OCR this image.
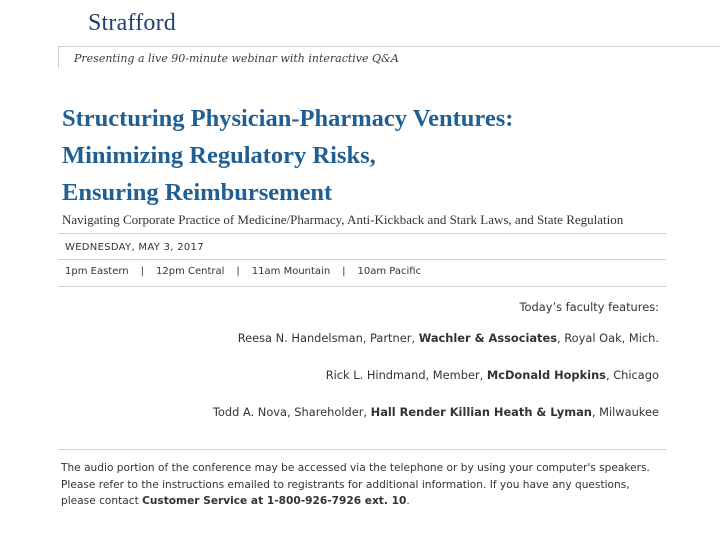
Strafford
Presenting a live 90-minute webinar with interactive Q&A
Structuring Physician-Pharmacy Ventures:
Minimizing Regulatory Risks,
Ensuring Reimbursement
Navigating Corporate Practice of Medicine/Pharmacy, Anti-Kickback and Stark Laws, and State Regulation
WEDNESDAY, MAY 3, 2017
1pm Eastern	|	12pm Central	|	11am Mountain	|	10am Pacific
Today’s faculty features:
Reesa N. Handelsman, Partner, Wachler & Associates, Royal Oak, Mich.
Rick L. Hindmand, Member, McDonald Hopkins, Chicago
Todd A. Nova, Shareholder, Hall Render Killian Heath & Lyman, Milwaukee
The audio portion of the conference may be accessed via the telephone or by using your computer's speakers. Please refer to the instructions emailed to registrants for additional information. If you have any questions, please contact Customer Service at 1-800-926-7926 ext. 10.
